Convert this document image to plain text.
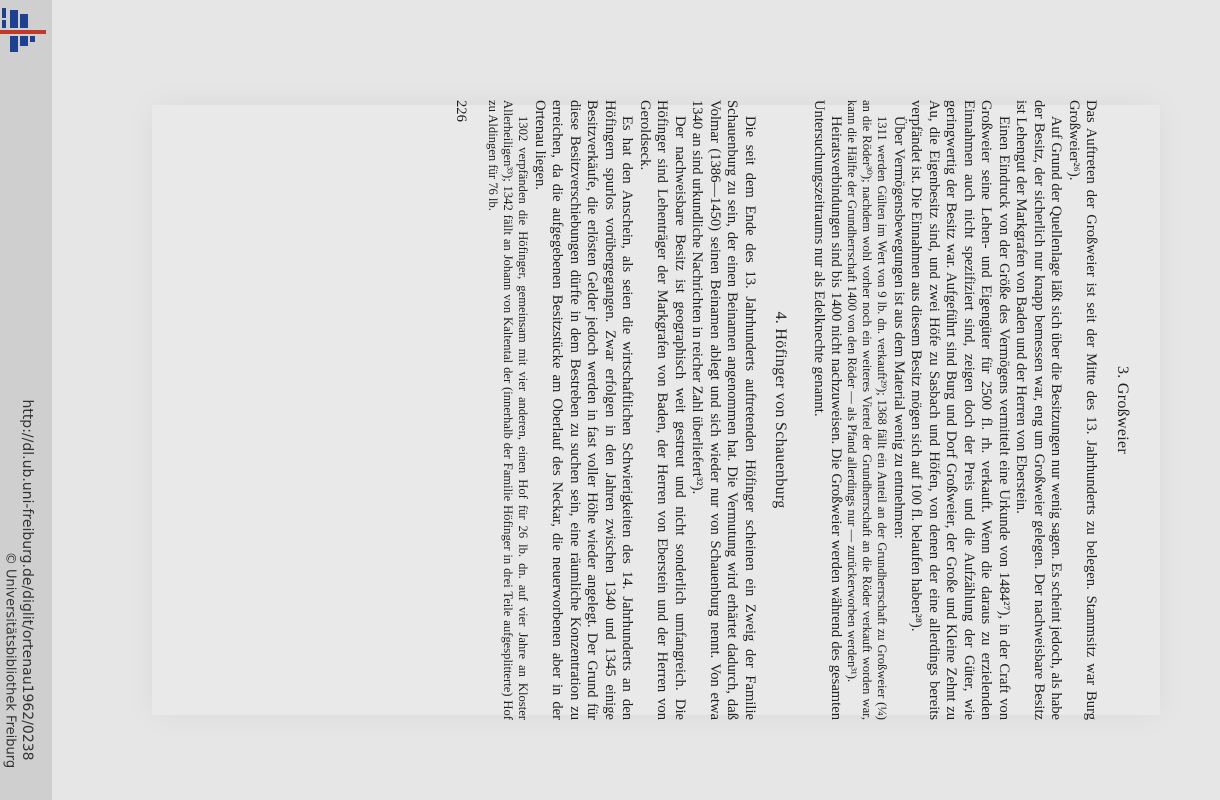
http://dl.ub.uni-freiburg.de/diglit/ortenau1962/0238
© Universitätsbibliothek Freiburg
3. Großweier

Das Auftreten der Großweier ist seit der Mitte des 13. Jahrhunderts zu belegen. Stammsitz war Burg Großweier²⁶).

Auf Grund der Quellenlage läßt sich über die Besitzungen nur wenig sagen. Es scheint jedoch, als habe der Besitz, der sicherlich nur knapp bemessen war, eng um Großweier gelegen. Der nachweisbare Besitz ist Lehengut der Markgrafen von Baden und der Herren von Eberstein.

Einen Eindruck von der Größe des Vermögens vermittelt eine Urkunde von 1484²⁷), in der Craft von Großweier seine Lehen- und Eigengüter für 2500 fl. rh. verkauft. Wenn die daraus zu erzielenden Einnahmen auch nicht spezifiziert sind, zeigen doch der Preis und die Aufzählung der Güter, wie geringwertig der Besitz war. Aufgeführt sind Burg und Dorf Großweier, der Große und Kleine Zehnt zu Au, die Eigenbesitz sind, und zwei Höfe zu Sasbach und Höfen, von denen der eine allerdings bereits verpfändet ist. Die Einnahmen aus diesem Besitz mögen sich auf 100 fl. belaufen haben²⁸).

Über Vermögensbewegungen ist aus dem Material wenig zu entnehmen:

1311 werden Gülten im Wert von 9 lb. dn. verkauft²⁹); 1368 fällt ein Anteil an der Grundherrschaft zu Großweier (¼) an die Röder³⁰); nachdem wohl vorher noch ein weiteres Viertel der Grundherrschaft an die Röder verkauft worden war, kann die Hälfte der Grundherrschaft 1400 von den Röder — als Pfand allerdings nur — zurückerworben werden³¹).

Heiratsverbindungen sind bis 1400 nicht nachzuweisen. Die Großweier werden während des gesamten Untersuchungszeitraums nur als Edelknechte genannt.

4. Höfinger von Schauenburg

Die seit dem Ende des 13. Jahrhunderts auftretenden Höfinger scheinen ein Zweig der Familie Schauenburg zu sein, der einen Beinamen angenommen hat. Die Vermutung wird erhärtet dadurch, daß Volmar (1386—1450) seinen Beinamen ablegt und sich wieder nur von Schauenburg nennt. Von etwa 1340 an sind urkundliche Nachrichten in reicher Zahl überliefert³²).

Der nachweisbare Besitz ist geographisch weit gestreut und nicht sonderlich umfangreich. Die Höfinger sind Lehenträger der Markgrafen von Baden, der Herren von Eberstein und der Herren von Geroldseck.

Es hat den Anschein, als seien die wirtschaftlichen Schwierigkeiten des 14. Jahrhunderts an den Höfingern spurlos vorübergegangen. Zwar erfolgen in den Jahren zwischen 1340 und 1345 einige Besitzverkäufe, die erlösten Gelder jedoch werden in fast voller Höhe wieder angelegt. Der Grund für diese Besitzverschiebungen dürfte in dem Bestreben zu suchen sein, eine räumliche Konzentration zu erreichen, da die aufgegebenen Besitzstücke am Oberlauf des Neckar, die neuerworbenen aber in der Ortenau liegen.

1302 verpfänden die Höfinger, gemeinsam mit vier anderen, einen Hof für 26 lb. dn. auf vier Jahre an Kloster Allerheiligen³³); 1342 fällt an Johann von Kaltental der (innerhalb der Familie Höfinger in drei Teile aufgesplitterte) Hof zu Aldingen für 76 lb.

226
